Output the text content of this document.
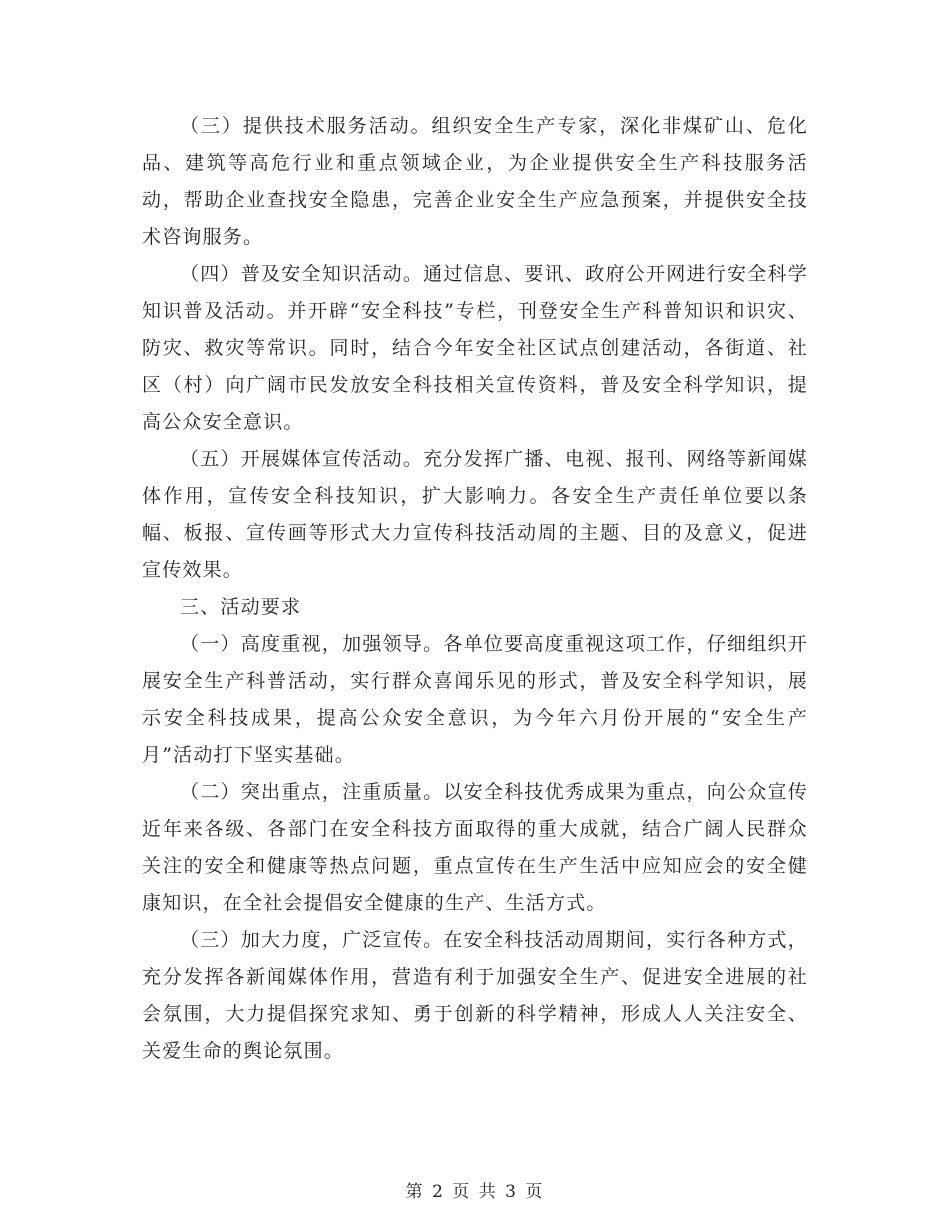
（三）提供技术服务活动。组织安全生产专家，深化非煤矿山、危化品、建筑等高危行业和重点领域企业，为企业提供安全生产科技服务活动，帮助企业查找安全隐患，完善企业安全生产应急预案，并提供安全技术咨询服务。

（四）普及安全知识活动。通过信息、要讯、政府公开网进行安全科学知识普及活动。并开辟“安全科技”专栏，刊登安全生产科普知识和识灾、防灾、救灾等常识。同时，结合今年安全社区试点创建活动，各街道、社区（村）向广阔市民发放安全科技相关宣传资料，普及安全科学知识，提高公众安全意识。

（五）开展媒体宣传活动。充分发挥广播、电视、报刊、网络等新闻媒体作用，宣传安全科技知识，扩大影响力。各安全生产责任单位要以条幅、板报、宣传画等形式大力宣传科技活动周的主题、目的及意义，促进宣传效果。

三、活动要求

（一）高度重视，加强领导。各单位要高度重视这项工作，仔细组织开展安全生产科普活动，实行群众喜闻乐见的形式，普及安全科学知识，展示安全科技成果，提高公众安全意识，为今年六月份开展的“安全生产月”活动打下坚实基础。

（二）突出重点，注重质量。以安全科技优秀成果为重点，向公众宣传近年来各级、各部门在安全科技方面取得的重大成就，结合广阔人民群众关注的安全和健康等热点问题，重点宣传在生产生活中应知应会的安全健康知识，在全社会提倡安全健康的生产、生活方式。

（三）加大力度，广泛宣传。在安全科技活动周期间，实行各种方式，充分发挥各新闻媒体作用，营造有利于加强安全生产、促进安全进展的社会氛围，大力提倡探究求知、勇于创新的科学精神，形成人人关注安全、关爱生命的舆论氛围。

第 2 页 共 3 页
